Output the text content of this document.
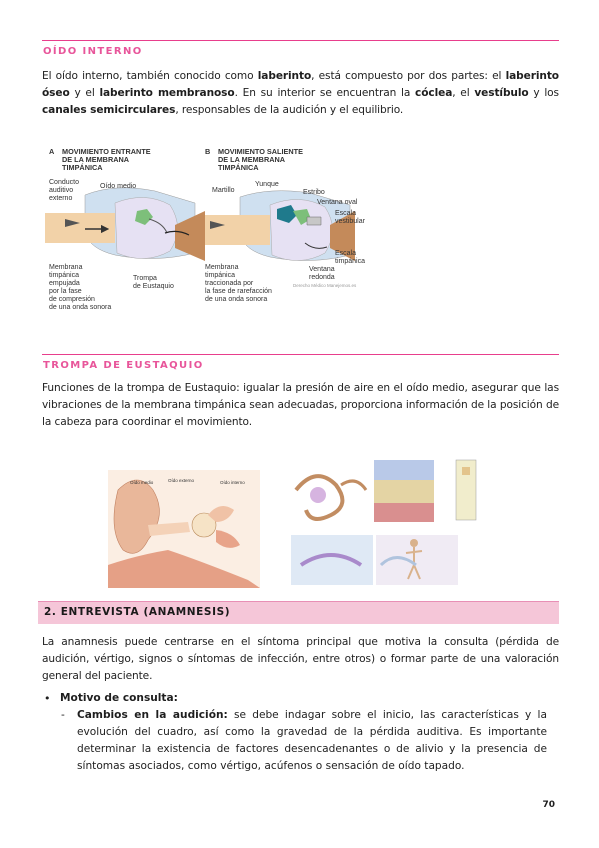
OÍDO INTERNO

El oído interno, también conocido como laberinto, está compuesto por dos partes: el laberinto óseo y el laberinto membranoso. En su interior se encuentran la cóclea, el vestíbulo y los canales semicirculares, responsables de la audición y el equilibrio.

A MOVIMIENTO ENTRANTE
DE LA MEMBRANA
TIMPÁNICA
Conducto
auditivo
externo
Oído medio
Membrana
timpánica
empujada
por la fase
de compresión
de una onda sonora
Trompa
de Eustaquio
B MOVIMIENTO SALIENTE
DE LA MEMBRANA
TIMPÁNICA
Martillo
Yunque
Estribo
Ventana oval
Escala
vestibular
Escala
timpánica
Ventana
redonda
Membrana
timpánica
traccionada por
la fase de rarefacción
de una onda sonora
Derecho Médico Manejemos.es
TROMPA DE EUSTAQUIO

Funciones de la trompa de Eustaquio: igualar la presión de aire en el oído medio, asegurar que las vibraciones de la membrana timpánica sean adecuadas, proporciona información de la posición de la cabeza para coordinar el movimiento.

Oído medio	Oído externo	Oído interno
2. ENTREVISTA (ANAMNESIS)

La anamnesis puede centrarse en el síntoma principal que motiva la consulta (pérdida de audición, vértigo, signos o síntomas de infección, entre otros) o formar parte de una valoración general del paciente.

• Motivo de consulta:
- Cambios en la audición: se debe indagar sobre el inicio, las características y la evolución del cuadro, así como la gravedad de la pérdida auditiva. Es importante determinar la existencia de factores desencadenantes o de alivio y la presencia de síntomas asociados, como vértigo, acúfenos o sensación de oído tapado.
70
